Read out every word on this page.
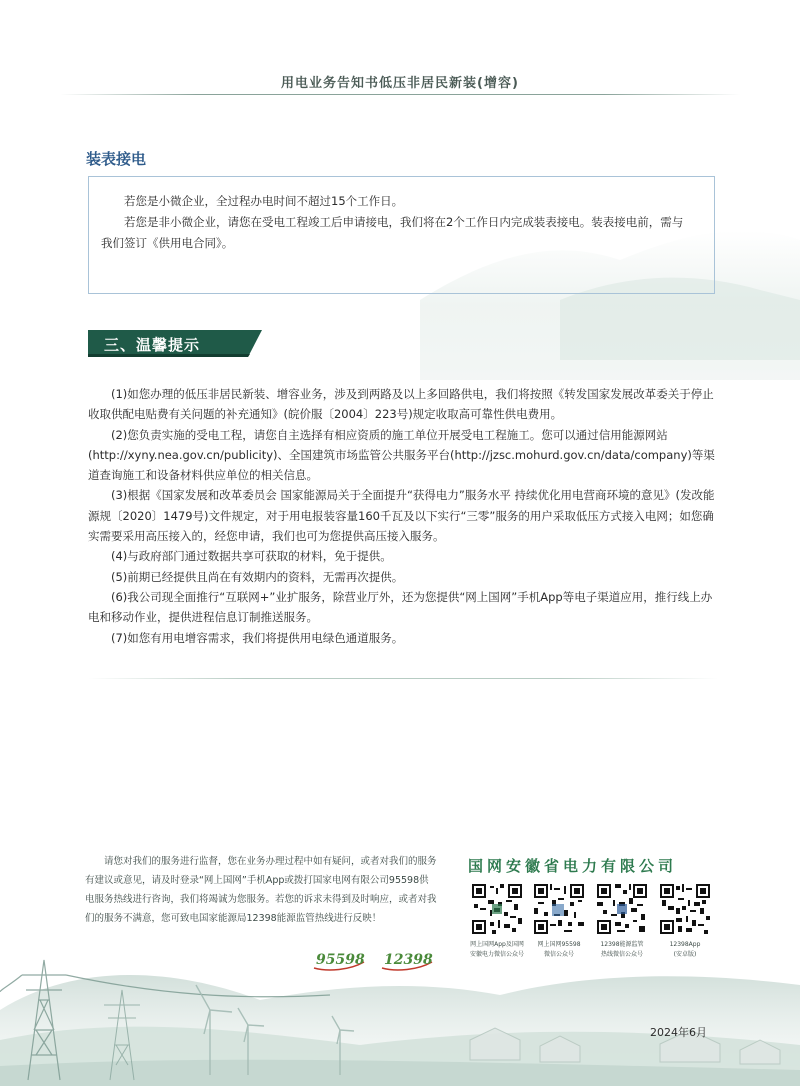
用电业务告知书低压非居民新装(增容)
装表接电

若您是小微企业，全过程办电时间不超过15个工作日。

若您是非小微企业，请您在受电工程竣工后申请接电，我们将在2个工作日内完成装表接电。装表接电前，需与我们签订《供用电合同》。

三、温馨提示

(1)如您办理的低压非居民新装、增容业务，涉及到两路及以上多回路供电，我们将按照《转发国家发展改革委关于停止收取供配电贴费有关问题的补充通知》(皖价服〔2004〕223号)规定收取高可靠性供电费用。

(2)您负责实施的受电工程，请您自主选择有相应资质的施工单位开展受电工程施工。您可以通过信用能源网站(http://xyny.nea.gov.cn/publicity)、全国建筑市场监管公共服务平台(http://jzsc.mohurd.gov.cn/data/company)等渠道查询施工和设备材料供应单位的相关信息。

(3)根据《国家发展和改革委员会 国家能源局关于全面提升“获得电力”服务水平 持续优化用电营商环境的意见》(发改能源规〔2020〕1479号)文件规定，对于用电报装容量160千瓦及以下实行“三零”服务的用户采取低压方式接入电网；如您确实需要采用高压接入的，经您申请，我们也可为您提供高压接入服务。

(4)与政府部门通过数据共享可获取的材料，免于提供。

(5)前期已经提供且尚在有效期内的资料，无需再次提供。

(6)我公司现全面推行“互联网+”业扩服务，除营业厅外，还为您提供“网上国网”手机App等电子渠道应用，推行线上办电和移动作业，提供进程信息订制推送服务。

(7)如您有用电增容需求，我们将提供用电绿色通道服务。

请您对我们的服务进行监督，您在业务办理过程中如有疑问，或者对我们的服务有建议或意见，请及时登录“网上国网”手机App或拨打国家电网有限公司95598供电服务热线进行咨询，我们将竭诚为您服务。若您的诉求未得到及时响应，或者对我们的服务不满意，您可致电国家能源局12398能源监管热线进行反映！

95598 12398
国网安徽省电力有限公司
网上国网App及国网
安徽电力微信公众号
网上国网95598
微信公众号
12398能源监管
热线微信公众号
12398App
(安卓版)
2024年6月
